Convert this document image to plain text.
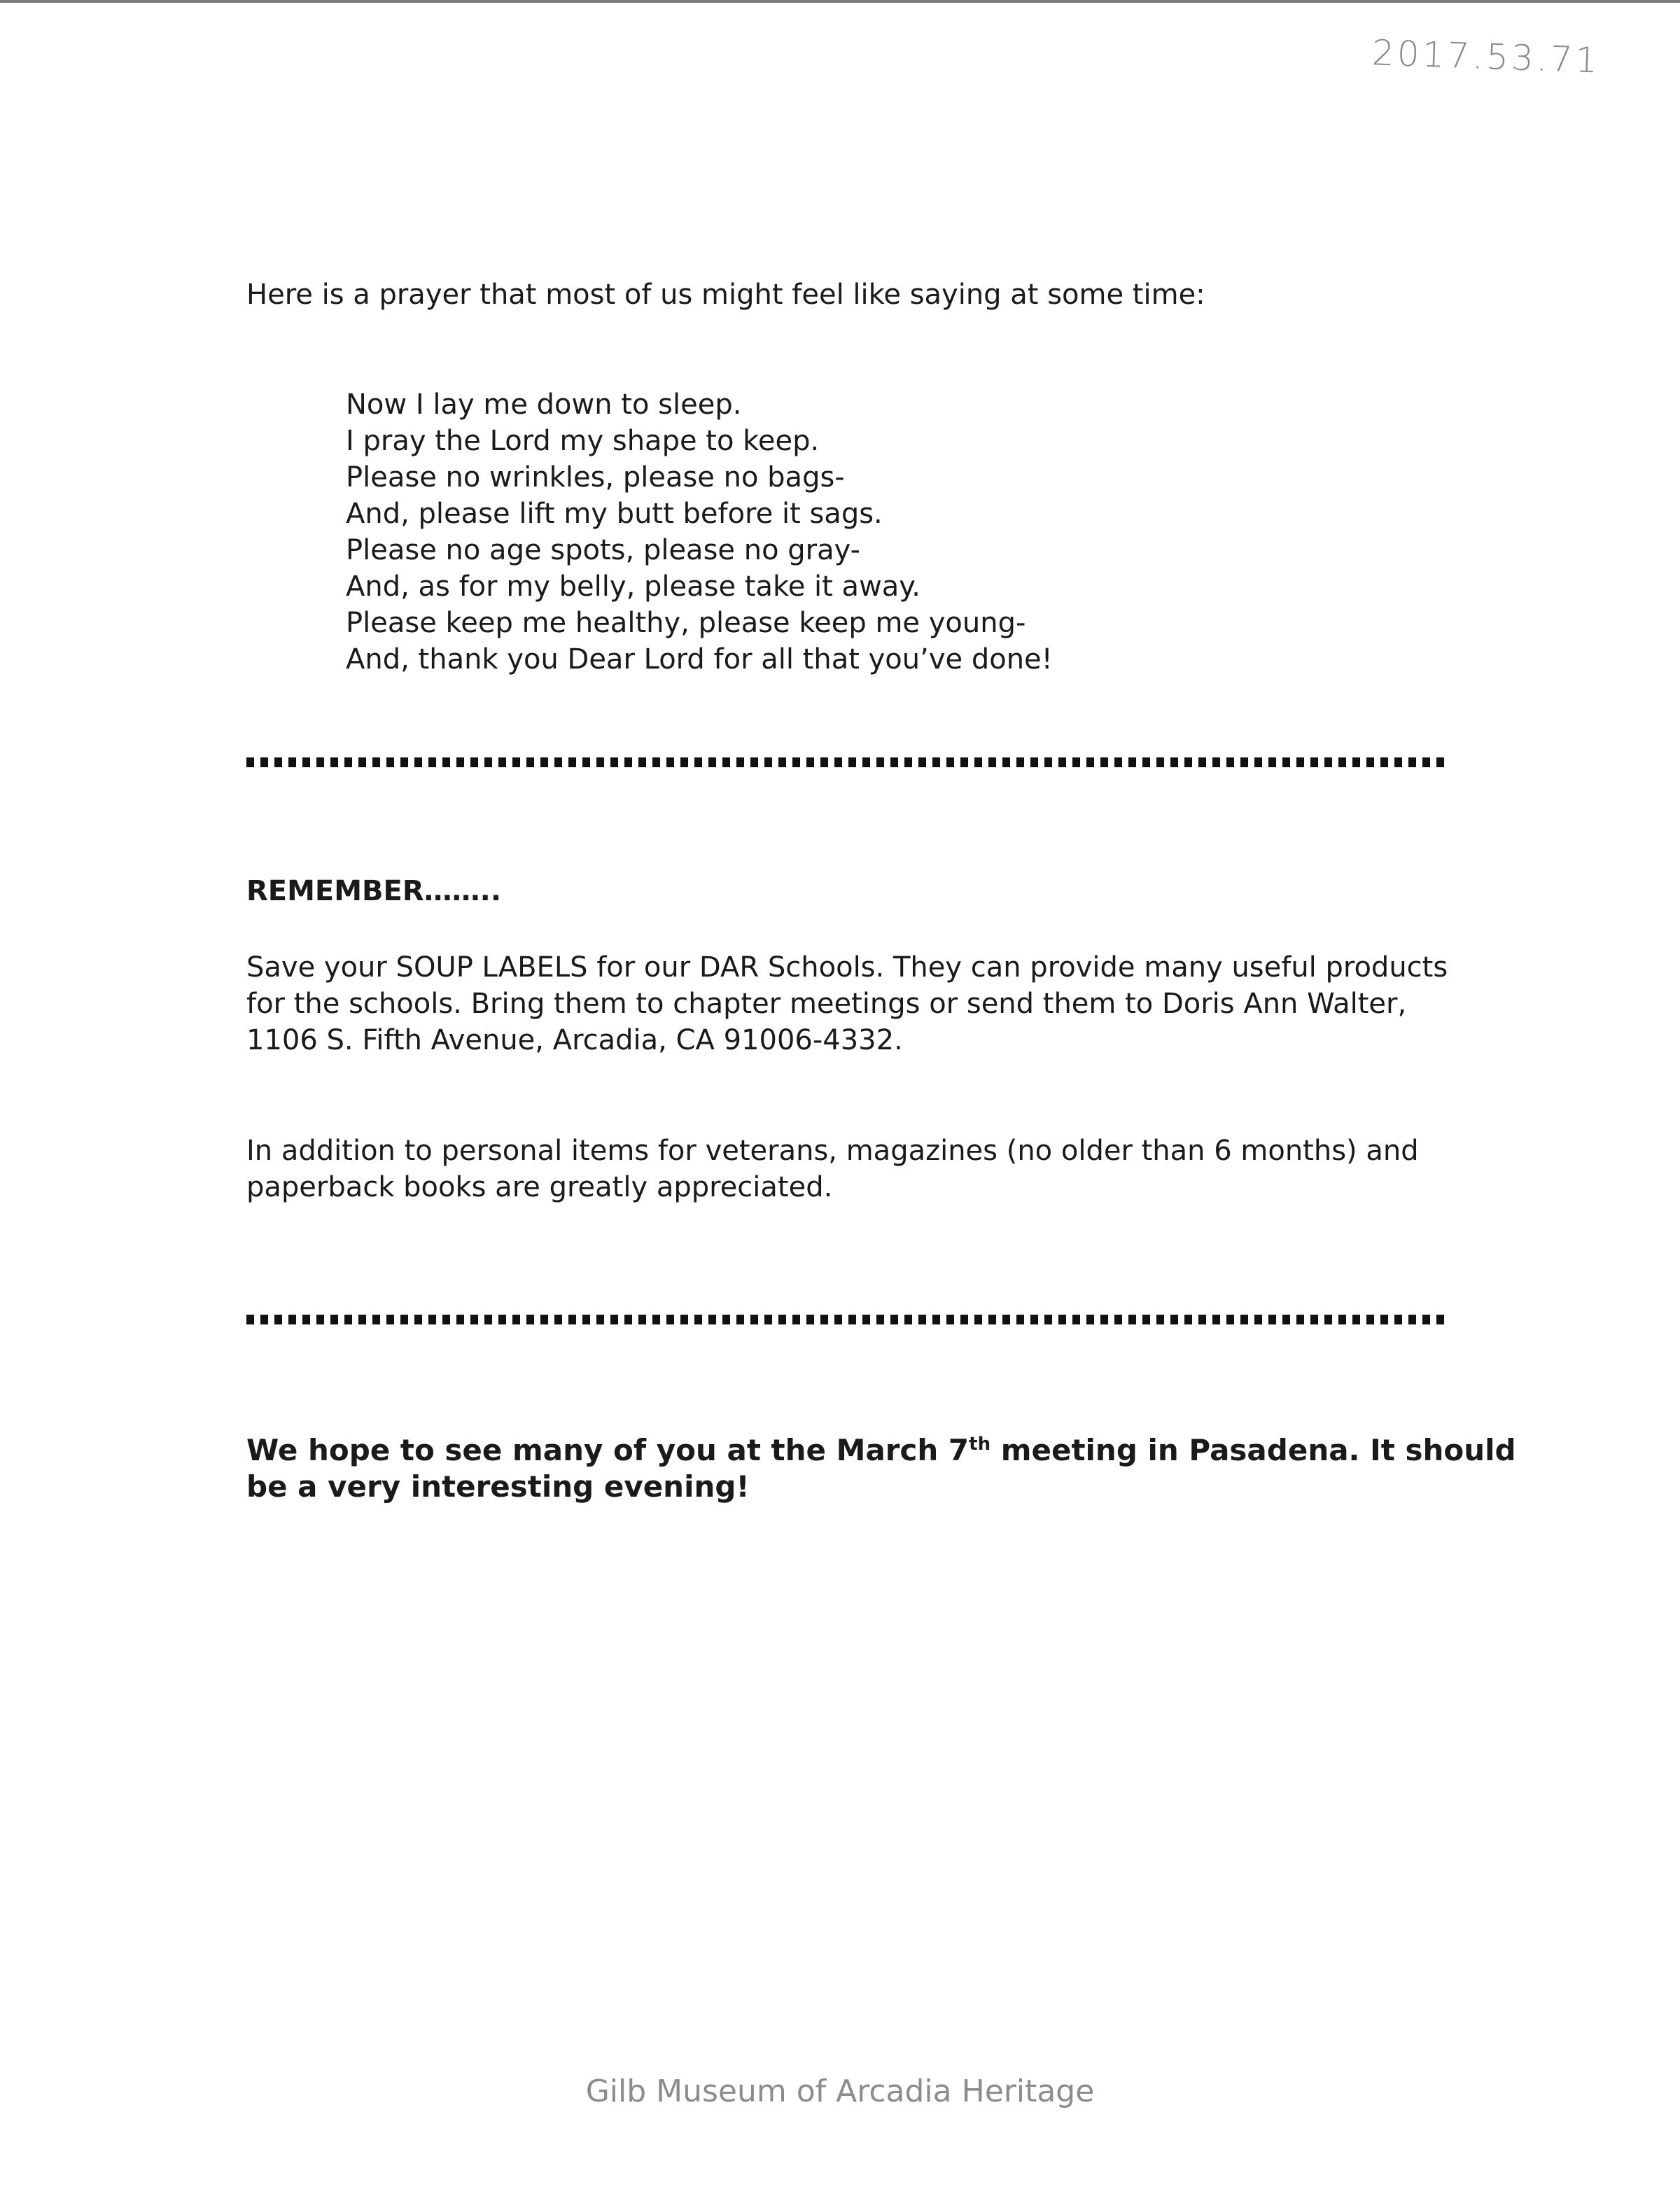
2017.53.71
Here is a prayer that most of us might feel like saying at some time:
Now I lay me down to sleep.
I pray the Lord my shape to keep.
Please no wrinkles, please no bags-
And, please lift my butt before it sags.
Please no age spots, please no gray-
And, as for my belly, please take it away.
Please keep me healthy, please keep me young-
And, thank you Dear Lord for all that you’ve done!
REMEMBER……..
Save your SOUP LABELS for our DAR Schools. They can provide many useful products
for the schools. Bring them to chapter meetings or send them to Doris Ann Walter,
1106 S. Fifth Avenue, Arcadia, CA 91006-4332.
In addition to personal items for veterans, magazines (no older than 6 months) and
paperback books are greatly appreciated.
We hope to see many of you at the March 7th meeting in Pasadena. It should
be a very interesting evening!
Gilb Museum of Arcadia Heritage
